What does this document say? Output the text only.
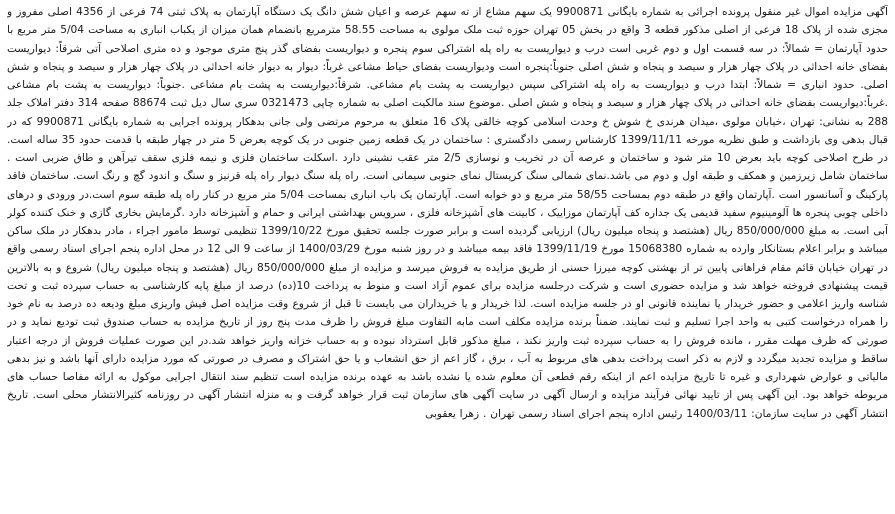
آگهی مزایده اموال غیر منقول پرونده اجرائی به شماره بایگانی 9900871 یک سهم مشاع از ته سهم عرصه و اعیان شش دانگ یک دستگاه آپارتمان به پلاک ثبتی 74 فرعی از 4356 اصلی مفروز و مجزی شده از پلاک 18 فرعی از اصلی مذکور قطعه 3 واقع در بخش 05 تهران حوزه ثبت ملک مولوی به مساحت 58.55 مترمربع بانضمام همان میزان از یکباب انباری به مساحت 5/04 متر مربع با حدود آپارتمان = شمالاً: در سه قسمت اول و دوم غربی است درب و دیواریست به راه پله اشتراکی سوم پنجره و دیواریست بفضای گذر پنج متری موجود و ده متری اصلاحی آتی شرقاً: دیواریست بفضای خانه احداثی در پلاک چهار هزار و سیصد و پنجاه و شش اصلی جنوباً:پنجره است ودیواریست بفضای حیاط مشاعی غرباً: دیوار به دیوار خانه احداثی در پلاک چهار هزار و سیصد و پنجاه و شش اصلی. حدود انباری = شمالاً: ابتدا درب و دیواریست به راه پله اشتراکی سپس دیواریست به پشت بام مشاعی. شرقاً:دیواریست به پشت بام مشاعی .جنوباً: دیواریست به پشت بام مشاعی .غرباً:دیواریست بفضای خانه احداثی در پلاک چهار هزار و سیصد و پنجاه و شش اصلی .موضوع سند مالکیت اصلی به شماره چاپی 0321473 سری سال دیل ثبت 88674 صفحه 314 دفتر املاک جلد 288 به نشانی: تهران ،خیابان مولوی ،میدان هرندی خ شوش خ وحدت اسلامی کوچه خالقی پلاک 16 متعلق به مرحوم مرتضی ولی جانی بدهکار پرونده اجرایی به شماره بایگانی 9900871 که در قبال بدهی وی بازداشت و طبق نظریه مورخه 1399/11/11 کارشناس رسمی دادگستری : ساختمان در یک قطعه زمین جنوبی در یک کوچه بعرض 5 متر در چهار طبقه با قدمت حدود 35 ساله است. در طرح اصلاحی کوچه باید بعرض 10 متر شود و ساختمان و عرصه آن در تخریب و نوسازی 2/5 متر عقب نشینی دارد .اسکلت ساختمان فلزی و نیمه فلزی سقف تیرآهن و طاق ضربی است . ساختمان شامل زیرزمین و همکف و طبقه اول و دوم می باشد.نمای شمالی سنگ کریستال نمای جنوبی سیمانی است. راه پله سنگ دیوار راه پله قرنیز و سنگ و اندود گچ و رنگ است. ساختمان فاقد پارکینگ و آسانسور است .آپارتمان واقع در طبقه دوم بمساحت 58/55 متر مربع و دو خوابه است. آپارتمان یک باب انباری بمساحت 5/04 متر مربع در کنار راه پله طبقه سوم است.در ورودی و درهای داخلی چوبی پنجره ها آلومینیوم سفید قدیمی یک جداره کف آپارتمان موزاییک ، کابینت های آشپزخانه فلزی ، سرویس بهداشتی ایرانی و حمام و آشپزخانه دارد .گرمایش بخاری گازی و خنک کننده کولر آبی است. به مبلغ 850/000/000 ریال (هشتصد و پنجاه میلیون ریال) ارزیابی گردیده است و برابر صورت جلسه تحقیق مورخ 1399/10/22 تنظیمی توسط مامور اجراء ، مادر بدهکار در ملک ساکن میباشد و برابر اعلام بستانکار وارده به شماره 15068380 مورخ 1399/11/19 فاقد بیمه میباشد و در روز شنبه مورخ 1400/03/29 از ساعت 9 الی 12 در محل اداره پنجم اجرای اسناد رسمی واقع در تهران خیابان قائم مقام فراهانی پایین تر از بهشتی کوچه میرزا حسنی از طریق مزایده به فروش میرسد و مزایده از مبلغ 850/000/000 ریال (هشتصد و پنجاه میلیون ریال) شروع و به بالاترین قیمت پیشنهادی فروخته خواهد شد و مزایده حضوری است و شرکت درجلسه مزایده برای عموم آزاد است و منوط به پرداخت 10(ده) درصد از مبلغ پایه کارشناسی به حساب سپرده ثبت و تحت شناسه واریز اعلامی و حضور خریدار یا نماینده قانونی او در جلسه مزایده است. لذا خریدار و یا خریداران می بایست تا قبل از شروع وقت مزایده اصل فیش واریزی مبلغ ودیعه ده درصد به نام خود را همراه درخواست کتبی به واحد اجرا تسلیم و ثبت نمایند. ضمناً برنده مزایده مکلف است مابه التفاوت مبلغ فروش را ظرف مدت پنج روز از تاریخ مزایده به حساب صندوق ثبت تودیع نماید و در صورتی که ظرف مهلت مقرر ، مانده فروش را به حساب سپرده ثبت واریز نکند ، مبلغ مذکور قابل استرداد نبوده و به حساب خزانه واریز خواهد شد.در این صورت عملیات فروش از درجه اعتبار ساقط و مزایده تجدید میگردد و لازم به ذکر است پرداخت بدهی های مربوط به آب ، برق ، گاز اعم از حق انشعاب و یا حق اشتراک و مصرف در صورتی که مورد مزایده دارای آنها باشد و نیز بدهی مالیاتی و عوارض شهرداری و غیره تا تاریخ مزایده اعم از اینکه رقم قطعی آن معلوم شده یا نشده باشد به عهده برنده مزایده است تنظیم سند انتقال اجرایی موکول به ارائه مفاصا حساب های مربوطه خواهد بود. این آگهی پس از تایید نهائی فرآیند مزایده و ارسال آگهی در سایت آگهی های سازمان ثبت قرار خواهد گرفت و به منزله انتشار آگهی در روزنامه کثیرالانتشار محلی است. تاریخ انتشار آگهی در سایت سازمان: 1400/03/11 رئیس اداره پنجم اجرای اسناد رسمی تهران . زهرا یعقوبی
